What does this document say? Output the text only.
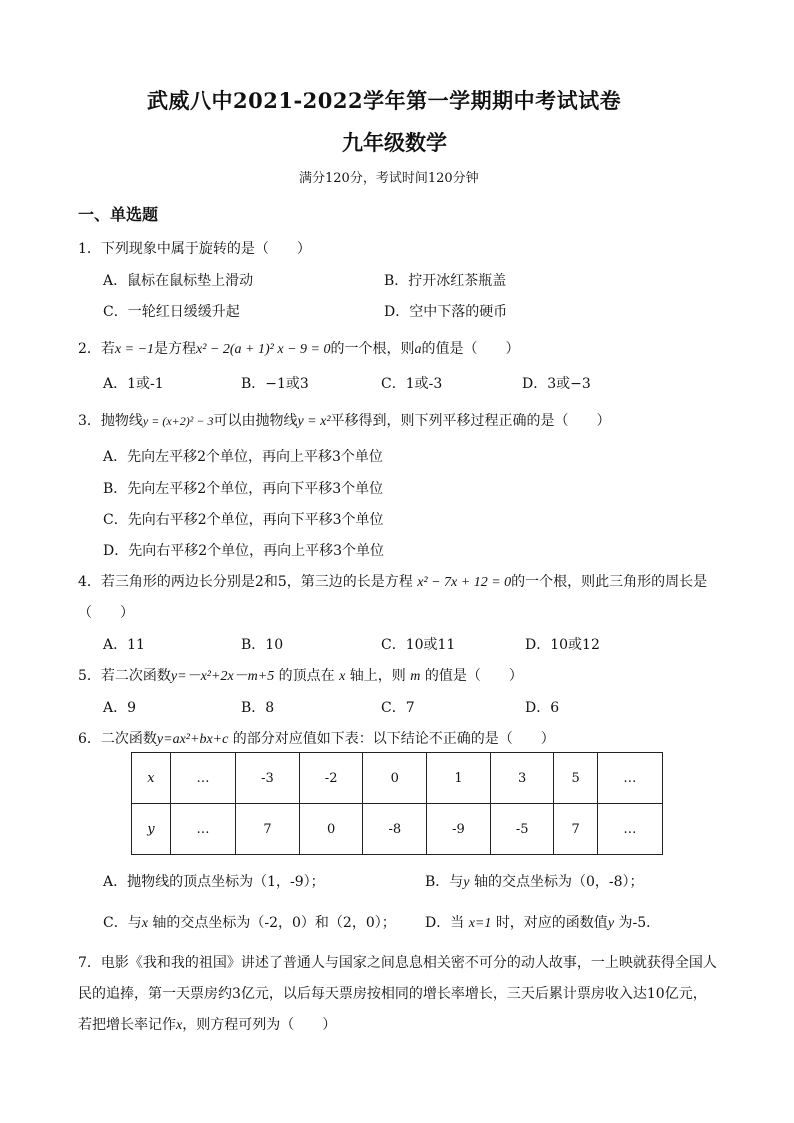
武威八中2021-2022学年第一学期期中考试试卷
九年级数学
满分120分，考试时间120分钟
一、单选题
1．下列现象中属于旋转的是（　　）
A．鼠标在鼠标垫上滑动	B．拧开冰红茶瓶盖
C．一轮红日缓缓升起	D．空中下落的硬币
2．若x = −1是方程x² − 2(a + 1)² x − 9 = 0的一个根，则a的值是（　　）
A．1或-1	B．−1或3	C．1或-3	D．3或−3
3．抛物线y = (x+2)² − 3可以由抛物线y = x²平移得到，则下列平移过程正确的是（　　）
A．先向左平移2个单位，再向上平移3个单位
B．先向左平移2个单位，再向下平移3个单位
C．先向右平移2个单位，再向下平移3个单位
D．先向右平移2个单位，再向上平移3个单位
4．若三角形的两边长分别是2和5，第三边的长是方程 x² − 7x + 12 = 0的一个根，则此三角形的周长是
（　　）
A．11	B．10	C．10或11	D．10或12
5．若二次函数y=－x²+2x－m+5 的顶点在 x 轴上，则 m 的值是（　　）
A．9	B．8	C．7	D．6
6．二次函数y=ax²+bx+c 的部分对应值如下表：以下结论不正确的是（　　）
x	…	-3	-2	0	1	3	5	…
y	…	7	0	-8	-9	-5	7	…
A．抛物线的顶点坐标为（1，-9）；	B．与y 轴的交点坐标为（0，-8）；
C．与x 轴的交点坐标为（-2，0）和（2，0）； D．当 x=1 时，对应的函数值y 为-5．
7．电影《我和我的祖国》讲述了普通人与国家之间息息相关密不可分的动人故事，一上映就获得全国人
民的追捧，第一天票房约3亿元，以后每天票房按相同的增长率增长，三天后累计票房收入达10亿元，
若把增长率记作x，则方程可列为（　　）
